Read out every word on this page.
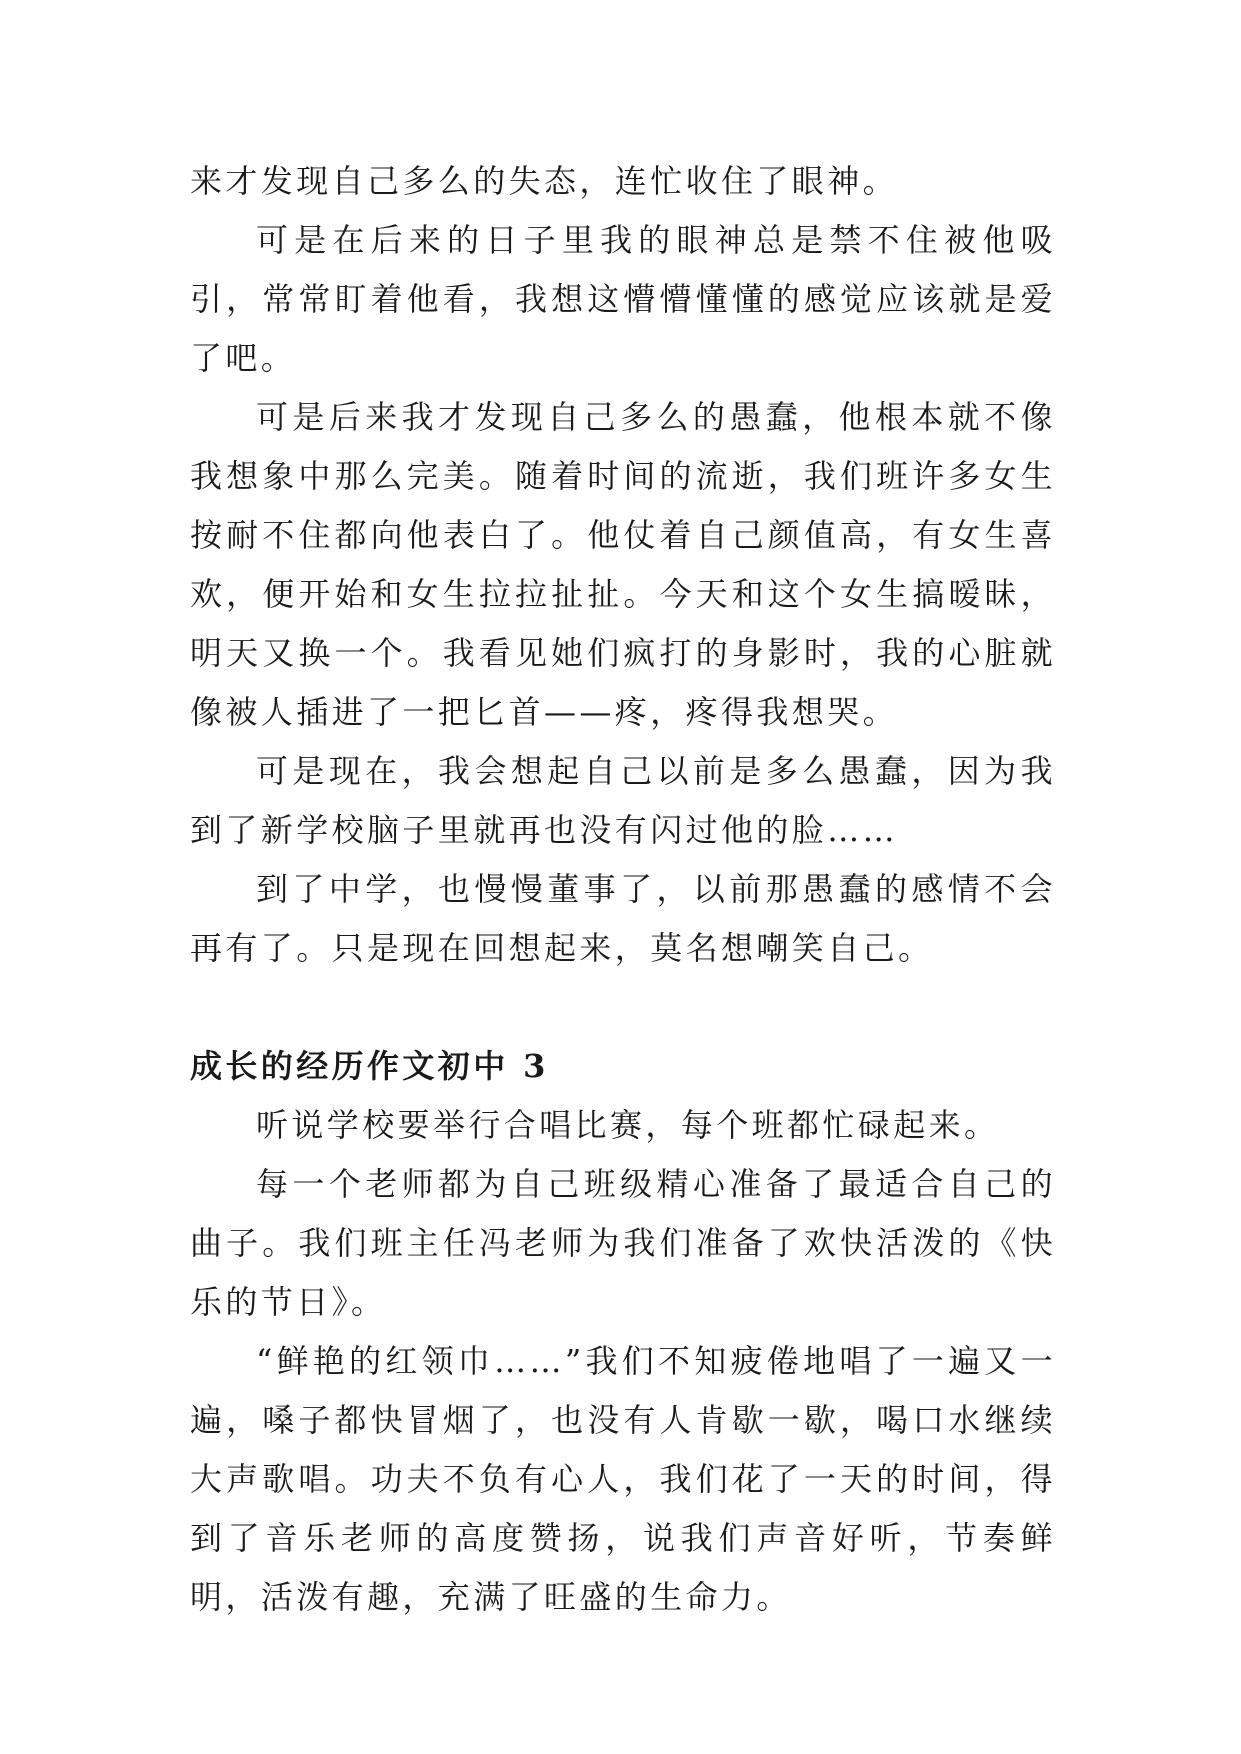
来才发现自己多么的失态，连忙收住了眼神。

可是在后来的日子里我的眼神总是禁不住被他吸引，常常盯着他看，我想这懵懵懂懂的感觉应该就是爱了吧。

可是后来我才发现自己多么的愚蠢，他根本就不像我想象中那么完美。随着时间的流逝，我们班许多女生按耐不住都向他表白了。他仗着自己颜值高，有女生喜欢，便开始和女生拉拉扯扯。今天和这个女生搞暧昧，明天又换一个。我看见她们疯打的身影时，我的心脏就像被人插进了一把匕首——疼，疼得我想哭。

可是现在，我会想起自己以前是多么愚蠢，因为我到了新学校脑子里就再也没有闪过他的脸……

到了中学，也慢慢董事了，以前那愚蠢的感情不会再有了。只是现在回想起来，莫名想嘲笑自己。

成长的经历作文初中 3

听说学校要举行合唱比赛，每个班都忙碌起来。

每一个老师都为自己班级精心准备了最适合自己的曲子。我们班主任冯老师为我们准备了欢快活泼的《快乐的节日》。

“鲜艳的红领巾……”我们不知疲倦地唱了一遍又一遍，嗓子都快冒烟了，也没有人肯歇一歇，喝口水继续大声歌唱。功夫不负有心人，我们花了一天的时间，得到了音乐老师的高度赞扬，说我们声音好听，节奏鲜明，活泼有趣，充满了旺盛的生命力。
